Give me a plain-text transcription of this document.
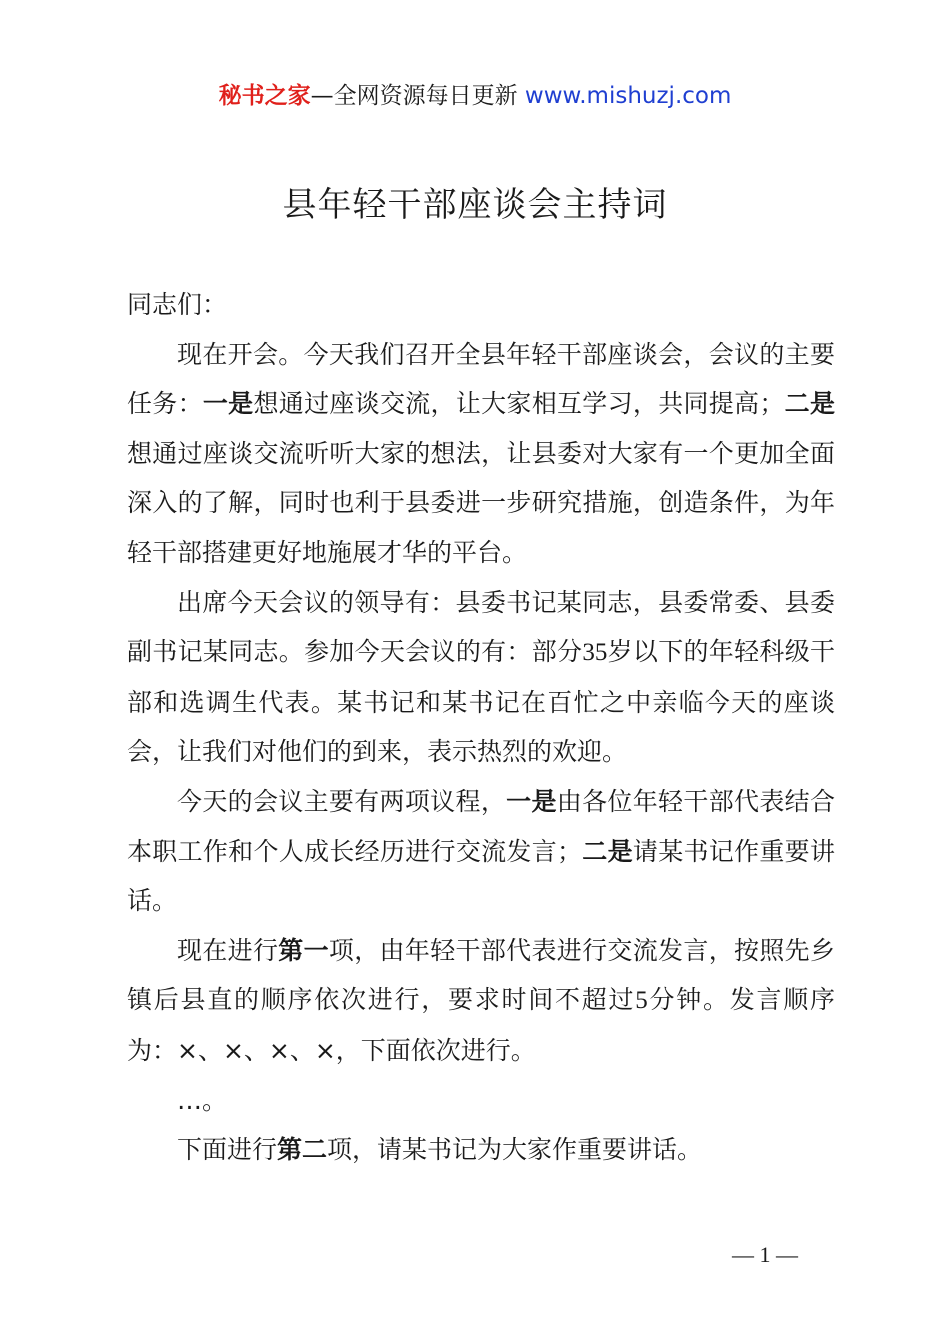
秘书之家—全网资源每日更新 www.mishuzj.com
县年轻干部座谈会主持词

同志们：

现在开会。今天我们召开全县年轻干部座谈会，会议的主要任务：一是想通过座谈交流，让大家相互学习，共同提高；二是想通过座谈交流听听大家的想法，让县委对大家有一个更加全面深入的了解，同时也利于县委进一步研究措施，创造条件，为年轻干部搭建更好地施展才华的平台。

出席今天会议的领导有：县委书记某同志，县委常委、县委副书记某同志。参加今天会议的有：部分35岁以下的年轻科级干部和选调生代表。某书记和某书记在百忙之中亲临今天的座谈会，让我们对他们的到来，表示热烈的欢迎。

今天的会议主要有两项议程，一是由各位年轻干部代表结合本职工作和个人成长经历进行交流发言；二是请某书记作重要讲话。

现在进行第一项，由年轻干部代表进行交流发言，按照先乡镇后县直的顺序依次进行，要求时间不超过5分钟。发言顺序为：×、×、×、×，下面依次进行。

…。

下面进行第二项，请某书记为大家作重要讲话。

— 1 —
